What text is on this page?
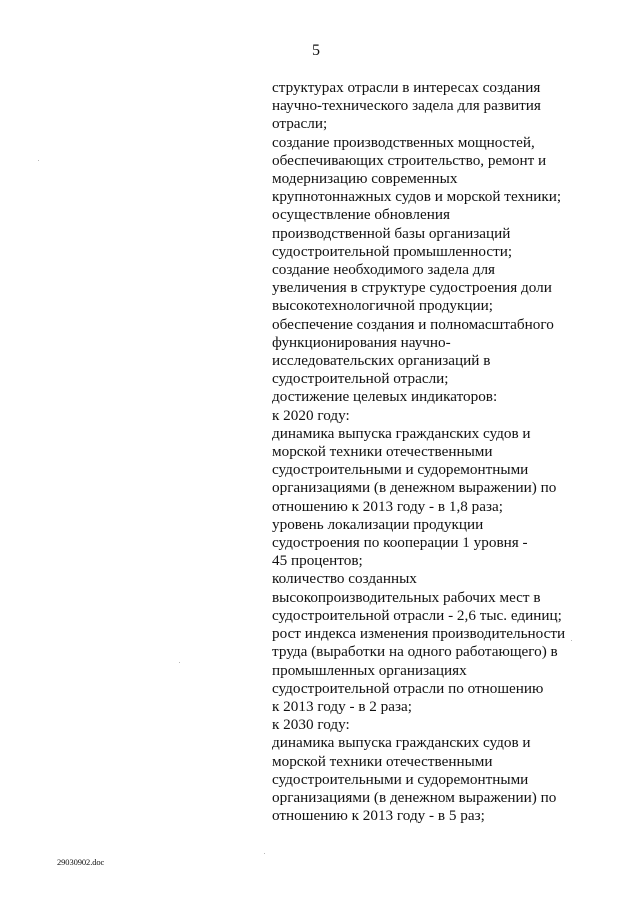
5
структурах отрасли в интересах создания
научно-технического задела для развития
отрасли;
создание производственных мощностей,
обеспечивающих строительство, ремонт и
модернизацию современных
крупнотоннажных судов и морской техники;
осуществление обновления
производственной базы организаций
судостроительной промышленности;
создание необходимого задела для
увеличения в структуре судостроения доли
высокотехнологичной продукции;
обеспечение создания и полномасштабного
функционирования научно-
исследовательских организаций в
судостроительной отрасли;
достижение целевых индикаторов:
к 2020 году:
динамика выпуска гражданских судов и
морской техники отечественными
судостроительными и судоремонтными
организациями (в денежном выражении) по
отношению к 2013 году - в 1,8 раза;
уровень локализации продукции
судостроения по кооперации 1 уровня -
45 процентов;
количество созданных
высокопроизводительных рабочих мест в
судостроительной отрасли - 2,6 тыс. единиц;
рост индекса изменения производительности
труда (выработки на одного работающего) в
промышленных организациях
судостроительной отрасли по отношению
к 2013 году - в 2 раза;
к 2030 году:
динамика выпуска гражданских судов и
морской техники отечественными
судостроительными и судоремонтными
организациями (в денежном выражении) по
отношению к 2013 году - в 5 раз;
29030902.doc
